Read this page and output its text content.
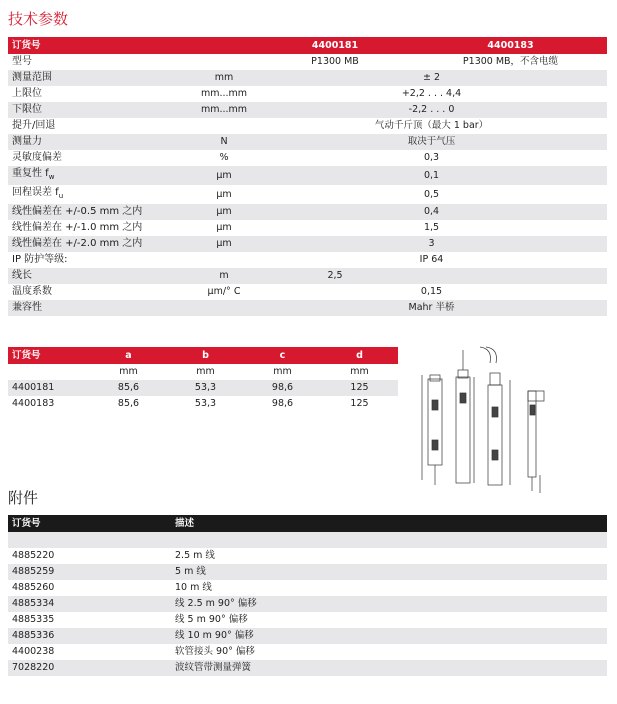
技术参数
订货号		4400181	4400183
型号		P1300 MB	P1300 MB，不含电缆
测量范围	mm	± 2	
上限位	mm...mm	+2,2 . . . 4,4	
下限位	mm...mm	-2,2 . . . 0	
提升/回退		气动千斤顶（最大 1 bar）	
测量力	N	取决于气压	
灵敏度偏差	%	0,3	
重复性 $f_w$	µm	0,1	
回程误差 $f_u$	µm	0,5	
线性偏差在 +/-0.5 mm 之内	µm	0,4	
线性偏差在 +/-1.0 mm 之内	µm	1,5	
线性偏差在 +/-2.0 mm 之内	µm	3	
IP 防护等级:		IP 64	
线长	m	2,5	
温度系数	µm/° C	0,15	
兼容性		Mahr 半桥	
订货号	a	b	c	d
	mm	mm	mm	mm
4400181	85,6	53,3	98,6	125
4400183	85,6	53,3	98,6	125
附件
订货号	描述

4885220	2.5 m 线
4885259	5 m 线
4885260	10 m 线
4885334	线 2.5 m 90° 偏移
4885335	线 5 m 90° 偏移
4885336	线 10 m 90° 偏移
4400238	软管接头 90° 偏移
7028220	波纹管带测量弹簧
